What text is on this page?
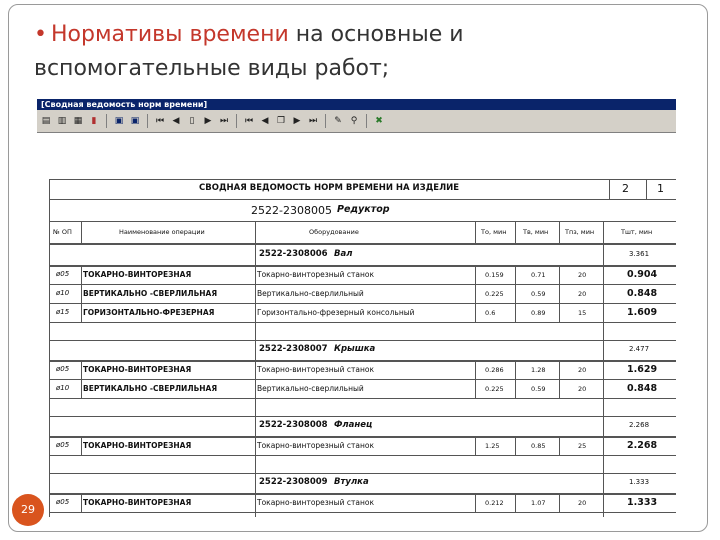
• Нормативы времени на основные и
вспомогательные виды работ;
[Сводная ведомость норм времени]
▤ ▥ ▦	▮	▣ ▣	⏮ ◀	▯	▶ ⏭	⏮ ◀ ❐ ▶ ⏭	✎ ⚲	✖
СВОДНАЯ ВЕДОМОСТЬ НОРМ ВРЕМЕНИ НА ИЗДЕЛИЕ	2	1
2522-2308005 Редуктор
№ ОП	Наименование операции	Оборудование	То, мин	Тв, мин	Тпз, мин	Тшт, мин
2522-2308006 Вал	3.361
ø05 ТОКАРНО-ВИНТОРЕЗНАЯ	Токарно-винторезный станок	0.159	0.71	20	0.904
ø10 ВЕРТИКАЛЬНО -СВЕРЛИЛЬНАЯ	Вертикально-сверлильный	0.225	0.59	20	0.848
ø15 ГОРИЗОНТАЛЬНО-ФРЕЗЕРНАЯ	Горизонтально-фрезерный консольный	0.6	0.89	15	1.609
2522-2308007 Крышка	2.477
ø05 ТОКАРНО-ВИНТОРЕЗНАЯ	Токарно-винторезный станок	0.286	1.28	20	1.629
ø10 ВЕРТИКАЛЬНО -СВЕРЛИЛЬНАЯ	Вертикально-сверлильный	0.225	0.59	20	0.848
2522-2308008 Фланец	2.268
ø05 ТОКАРНО-ВИНТОРЕЗНАЯ	Токарно-винторезный станок	1.25	0.85	25	2.268
2522-2308009 Втулка	1.333
ø05 ТОКАРНО-ВИНТОРЕЗНАЯ	Токарно-винторезный станок	0.212	1.07	20	1.333
29
